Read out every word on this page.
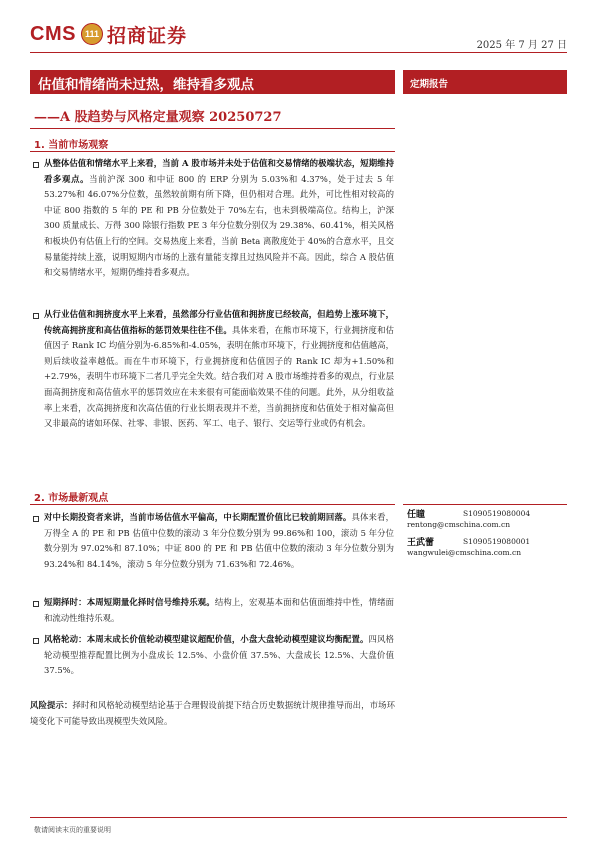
CMS 111 招商证券	2025 年 7 月 27 日
估值和情绪尚未过热，维持看多观点	定期报告
——A 股趋势与风格定量观察 20250727
1. 当前市场观察
从整体估值和情绪水平上来看，当前 A 股市场并未处于估值和交易情绪的极端状态，短期维持看多观点。当前沪深 300 和中证 800 的 ERP 分别为 5.03%和 4.37%，处于过去 5 年 53.27%和 46.07%分位数，虽然较前期有所下降，但仍相对合理。此外，可比性相对较高的中证 800 指数的 5 年的 PE 和 PB 分位数处于 70%左右，也未到极端高位。结构上，沪深 300 质量成长、万得 300 除银行指数 PE 3 年分位数分别仅为 29.38%、60.41%，相关风格和板块仍有估值上行的空间。交易热度上来看，当前 Beta 离散度处于 40%的合意水平，且交易量能持续上涨，说明短期内市场的上涨有量能支撑且过热风险并不高。因此，综合 A 股估值和交易情绪水平，短期仍维持看多观点。
从行业估值和拥挤度水平上来看，虽然部分行业估值和拥挤度已经较高，但趋势上涨环境下，传统高拥挤度和高估值指标的惩罚效果往往不佳。具体来看，在熊市环境下，行业拥挤度和估值因子 Rank IC 均值分别为-6.85%和-4.05%，表明在熊市环境下，行业拥挤度和估值越高，则后续收益率越低。而在牛市环境下，行业拥挤度和估值因子的 Rank IC 却为+1.50%和+2.79%，表明牛市环境下二者几乎完全失效。结合我们对 A 股市场维持看多的观点，行业层面高拥挤度和高估值水平的惩罚效应在未来很有可能面临效果不佳的问题。此外，从分组收益率上来看，次高拥挤度和次高估值的行业长期表现并不差，当前拥挤度和估值处于相对偏高但又非最高的诸如环保、社零、非银、医药、军工、电子、银行、交运等行业或仍有机会。
2. 市场最新观点
对中长期投资者来讲，当前市场估值水平偏高，中长期配置价值比已较前期回落。具体来看，万得全 A 的 PE 和 PB 估值中位数的滚动 3 年分位数分别为 99.86%和 100，滚动 5 年分位数分别为 97.02%和 87.10%；中证 800 的 PE 和 PB 估值中位数的滚动 3 年分位数分别为 93.24%和 84.14%，滚动 5 年分位数分别为 71.63%和 72.46%。
短期择时：本周短期量化择时信号维持乐观。结构上，宏观基本面和估值面维持中性，情绪面和流动性维持乐观。
风格轮动：本周末成长价值轮动模型建议超配价值，小盘大盘轮动模型建议均衡配置。四风格轮动模型推荐配置比例为小盘成长 12.5%、小盘价值 37.5%、大盘成长 12.5%、大盘价值 37.5%。
风险提示：择时和风格轮动模型结论基于合理假设前提下结合历史数据统计规律推导而出，市场环境变化下可能导致出现模型失效风险。
任瞳	S1090519080004
rentong@cmschina.com.cn
王武蕾	S1090519080001
wangwulei@cmschina.com.cn
敬请阅读末页的重要说明
